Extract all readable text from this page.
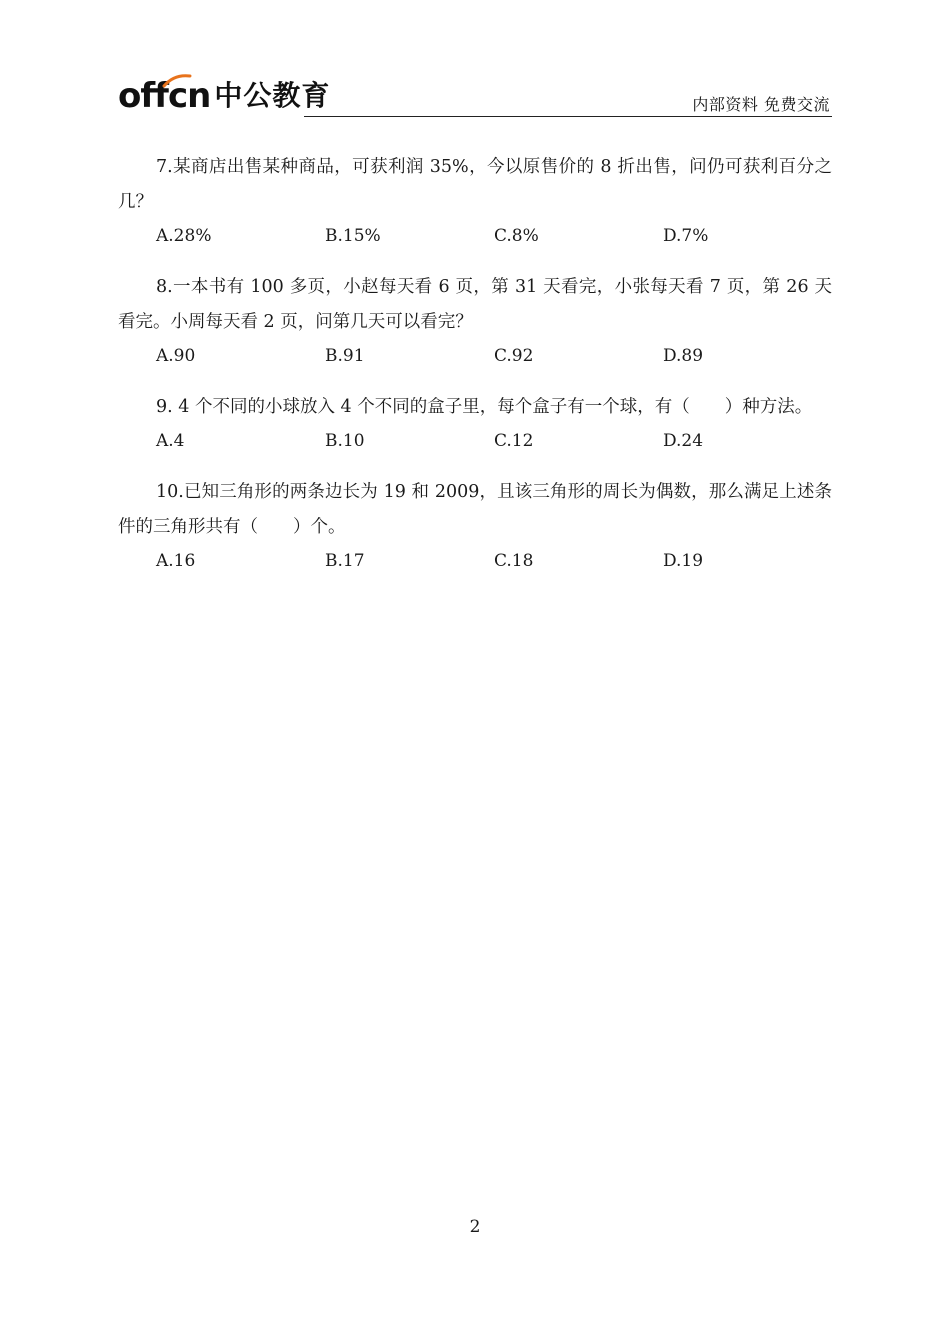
offcn 中公教育	内部资料 免费交流

7.某商店出售某种商品，可获利润 35%，今以原售价的 8 折出售，问仍可获利百分之几？

A.28%	B.15%	C.8%	D.7%

8.一本书有 100 多页，小赵每天看 6 页，第 31 天看完，小张每天看 7 页，第 26 天看完。小周每天看 2 页，问第几天可以看完？

A.90	B.91	C.92	D.89

9. 4 个不同的小球放入 4 个不同的盒子里，每个盒子有一个球，有（　　）种方法。

A.4	B.10	C.12	D.24

10.已知三角形的两条边长为 19 和 2009，且该三角形的周长为偶数，那么满足上述条件的三角形共有（　　）个。

A.16	B.17	C.18	D.19
2
